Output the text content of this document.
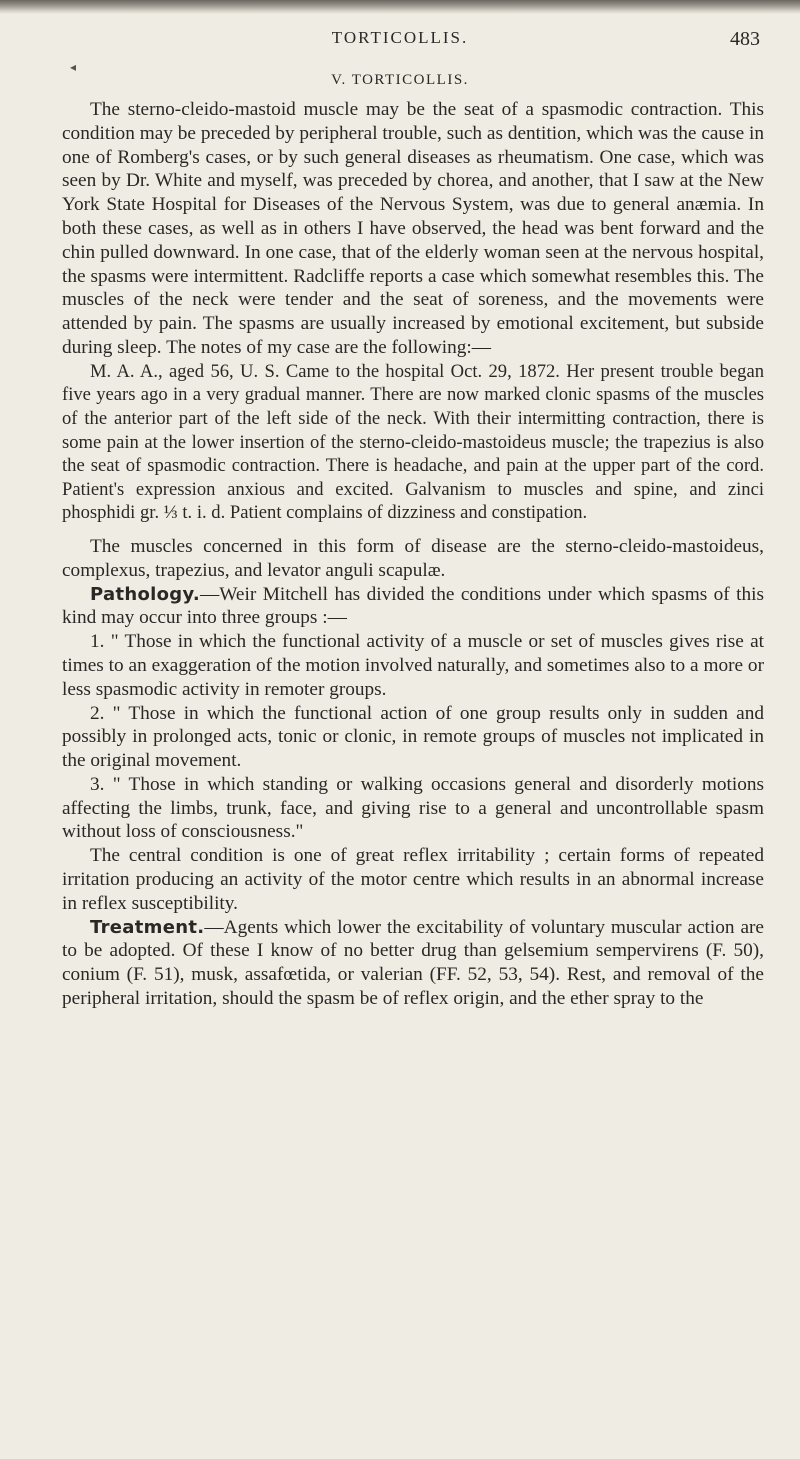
TORTICOLLIS.	483
◂
V. TORTICOLLIS.

The sterno-cleido-mastoid muscle may be the seat of a spasmodic contraction. This condition may be preceded by peripheral trouble, such as dentition, which was the cause in one of Romberg's cases, or by such general diseases as rheumatism. One case, which was seen by Dr. White and myself, was preceded by chorea, and another, that I saw at the New York State Hospital for Diseases of the Nervous System, was due to general anæmia. In both these cases, as well as in others I have observed, the head was bent forward and the chin pulled downward. In one case, that of the elderly woman seen at the nervous hospital, the spasms were intermittent. Radcliffe reports a case which somewhat resembles this. The muscles of the neck were tender and the seat of soreness, and the movements were attended by pain. The spasms are usually increased by emotional excitement, but subside during sleep. The notes of my case are the following:—

M. A. A., aged 56, U. S. Came to the hospital Oct. 29, 1872. Her present trouble began five years ago in a very gradual manner. There are now marked clonic spasms of the muscles of the anterior part of the left side of the neck. With their intermitting contraction, there is some pain at the lower insertion of the sterno-cleido-mastoideus muscle; the trapezius is also the seat of spasmodic contraction. There is headache, and pain at the upper part of the cord. Patient's expression anxious and excited. Galvanism to muscles and spine, and zinci phosphidi gr. ⅓ t. i. d. Patient complains of dizziness and constipation.

The muscles concerned in this form of disease are the sterno-cleido-mastoideus, complexus, trapezius, and levator anguli scapulæ.

Pathology.—Weir Mitchell has divided the conditions under which spasms of this kind may occur into three groups :—

1. " Those in which the functional activity of a muscle or set of muscles gives rise at times to an exaggeration of the motion involved naturally, and sometimes also to a more or less spasmodic activity in remoter groups.

2. " Those in which the functional action of one group results only in sudden and possibly in prolonged acts, tonic or clonic, in remote groups of muscles not implicated in the original movement.

3. " Those in which standing or walking occasions general and disorderly motions affecting the limbs, trunk, face, and giving rise to a general and uncontrollable spasm without loss of consciousness."

The central condition is one of great reflex irritability ; certain forms of repeated irritation producing an activity of the motor centre which results in an abnormal increase in reflex susceptibility.

Treatment.—Agents which lower the excitability of voluntary muscular action are to be adopted. Of these I know of no better drug than gelsemium sempervirens (F. 50), conium (F. 51), musk, assafœtida, or valerian (FF. 52, 53, 54). Rest, and removal of the peripheral irritation, should the spasm be of reflex origin, and the ether spray to the
